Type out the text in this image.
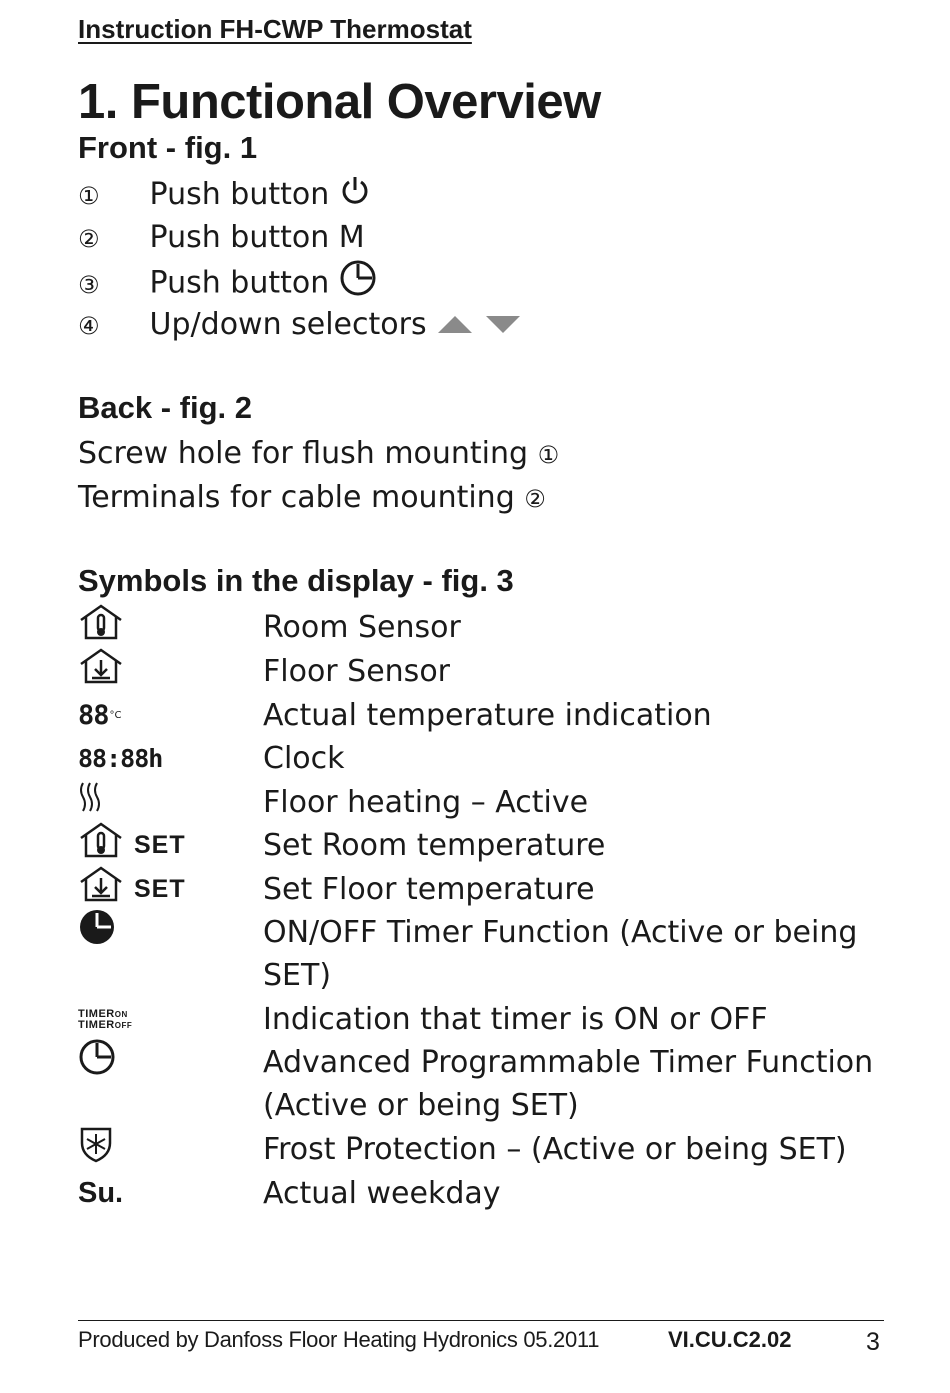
Instruction FH-CWP Thermostat
1. Functional Overview
Front - fig. 1
① Push button
② Push button M
③ Push button
④ Up/down selectors
Back - fig. 2
Screw hole for flush mounting ①
Terminals for cable mounting ②
Symbols in the display - fig. 3
Room Sensor
Floor Sensor
88 °C	Actual temperature indication
88:88h	Clock
Floor heating – Active
SET	Set Room temperature
SET	Set Floor temperature
ON/OFF Timer Function (Active or being SET)
TIMERON
TIMEROFF	Indication that timer is ON or OFF
Advanced Programmable Timer Function (Active or being SET)
Frost Protection – (Active or being SET)
Su.	Actual weekday
Produced by Danfoss Floor Heating Hydronics 05.2011	VI.CU.C2.02	3
